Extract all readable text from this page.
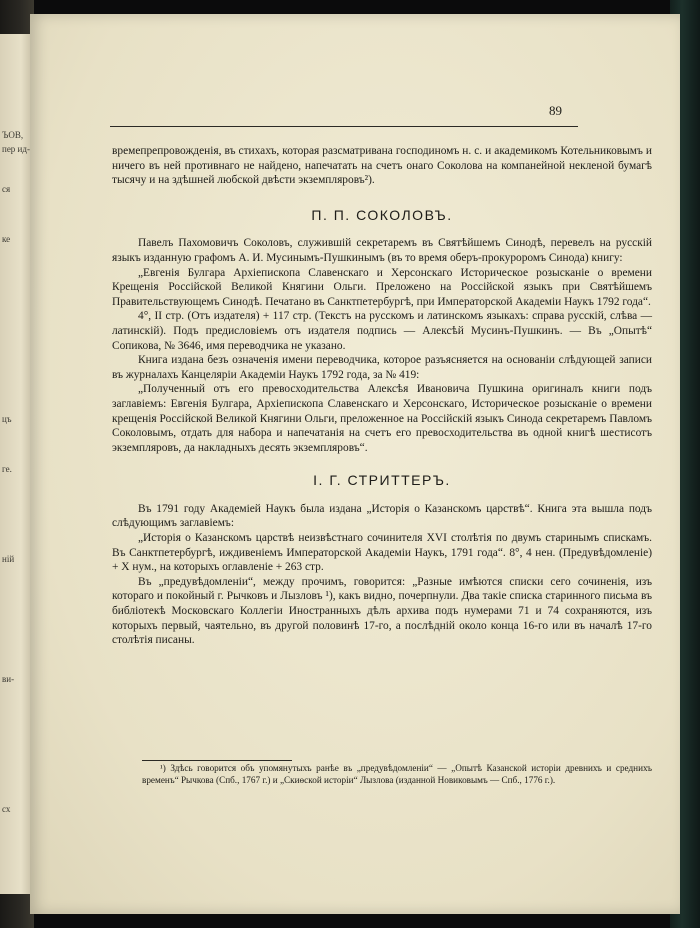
ЪОВ,
пер ид-
ся
ке
цъ
ге.
ній
ви-
сх
89

времепрепровожденія, въ стихахъ, которая разсматривана господиномъ н. с. и академикомъ Котельниковымъ и ничего въ ней противнаго не найдено, напечатать на счетъ онаго Соколова на компанейной некленой бумагѣ тысячу и на здѣшней любской двѣсти экземпляровъ²).

П. П. СОКОЛОВЪ.

Павелъ Пахомовичъ Соколовъ, служившій секретаремъ въ Святѣйшемъ Синодѣ, перевелъ на русскій языкъ изданную графомъ А. И. Мусинымъ-Пушкинымъ (въ то время оберъ-прокуроромъ Синода) книгу:

„Евгенія Булгара Архіепископа Славенскаго и Херсонскаго Историческое розысканіе о времени Крещенія Россійской Великой Княгини Ольги. Преложено на Россійской языкъ при Святѣйшемъ Правительствующемъ Синодѣ. Печатано въ Санктпетербургѣ, при Императорской Академіи Наукъ 1792 года“.

4°, II стр. (Отъ издателя) + 117 стр. (Текстъ на русскомъ и латинскомъ языкахъ: справа русскій, слѣва — латинскій). Подъ предисловіемъ отъ издателя подпись — Алексѣй Мусинъ-Пушкинъ. — Въ „Опытѣ“ Сопикова, № 3646, имя переводчика не указано.

Книга издана безъ означенія имени переводчика, которое разъясняется на основаніи слѣдующей записи въ журналахъ Канцеляріи Академіи Наукъ 1792 года, за № 419:

„Полученный отъ его превосходительства Алексѣя Ивановича Пушкина оригиналъ книги подъ заглавіемъ: Евгенія Булгара, Архіепископа Славенскаго и Херсонскаго, Историческое розысканіе о времени крещенія Россійской Великой Княгини Ольги, преложенное на Россійскій языкъ Синода секретаремъ Павломъ Соколовымъ, отдать для набора и напечатанія на счетъ его превосходительства въ одной книгѣ шестисотъ экземпляровъ, да накладныхъ десять экземпляровъ“.

I. Г. СТРИТТЕРЪ.

Въ 1791 году Академіей Наукъ была издана „Исторія о Казанскомъ царствѣ“. Книга эта вышла подъ слѣдующимъ заглавіемъ:

„Исторія о Казанскомъ царствѣ неизвѣстнаго сочинителя XVI столѣтія по двумъ старинымъ спискамъ. Въ Санктпетербургѣ, иждивеніемъ Императорской Академіи Наукъ, 1791 года“. 8°, 4 нен. (Предувѣдомленіе) + X нум., на которыхъ оглавленіе + 263 стр.

Въ „предувѣдомленіи“, между прочимъ, говорится: „Разные имѣются списки сего сочиненія, изъ котораго и покойный г. Рычковъ и Лызловъ ¹), какъ видно, почерпнули. Два такіе списка старинного письма въ библіотекѣ Московскаго Коллегіи Иностранныхъ дѣлъ архива подъ нумерами 71 и 74 сохраняются, изъ которыхъ первый, чаятельно, въ другой половинѣ 17-го, а послѣдній около конца 16-го или въ началѣ 17-го столѣтія писаны.

¹) Здѣсь говорится объ упомянутыхъ ранѣе въ „предувѣдомленіи“ — „Опытѣ Казанской исторіи древнихъ и среднихъ временъ“ Рычкова (Спб., 1767 г.) и „Скиѳской исторіи“ Лызлова (изданной Новиковымъ — Спб., 1776 г.).
